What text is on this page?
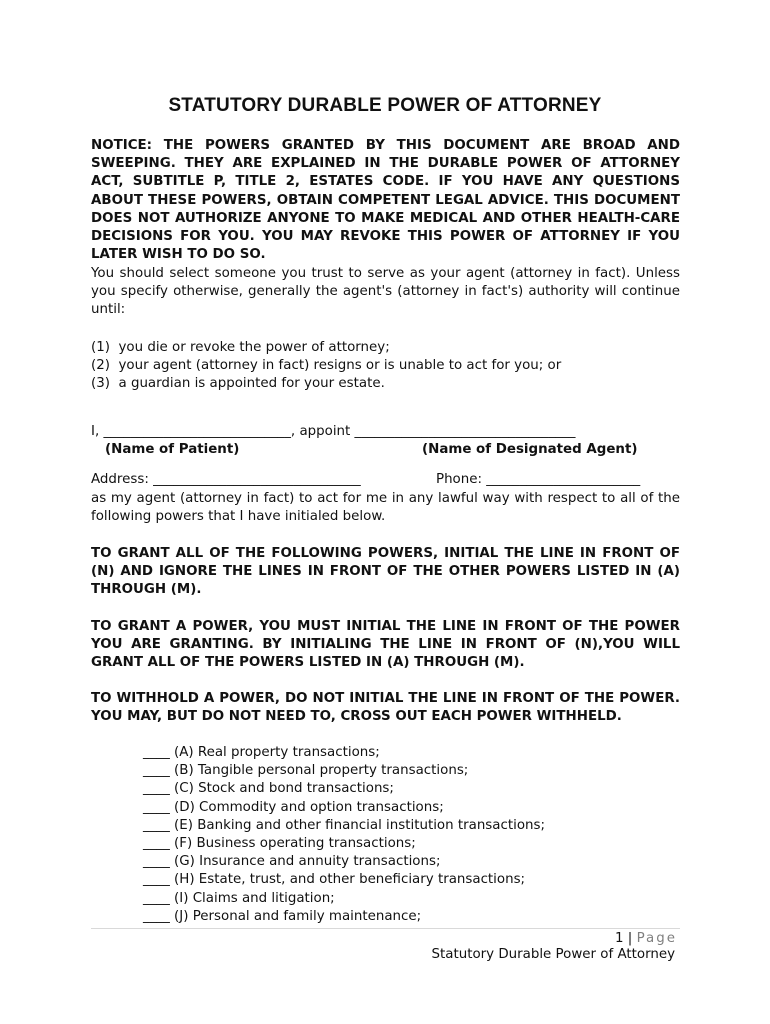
STATUTORY DURABLE POWER OF ATTORNEY

NOTICE: THE POWERS GRANTED BY THIS DOCUMENT ARE BROAD AND SWEEPING. THEY ARE EXPLAINED IN THE DURABLE POWER OF ATTORNEY ACT, SUBTITLE P, TITLE 2, ESTATES CODE. IF YOU HAVE ANY QUESTIONS ABOUT THESE POWERS, OBTAIN COMPETENT LEGAL ADVICE. THIS DOCUMENT DOES NOT AUTHORIZE ANYONE TO MAKE MEDICAL AND OTHER HEALTH-CARE DECISIONS FOR YOU. YOU MAY REVOKE THIS POWER OF ATTORNEY IF YOU LATER WISH TO DO SO.

You should select someone you trust to serve as your agent (attorney in fact). Unless you specify otherwise, generally the agent's (attorney in fact's) authority will continue until:

(1)  you die or revoke the power of attorney;
(2)  your agent (attorney in fact) resigns or is unable to act for you; or
(3)  a guardian is appointed for your estate.
I, ____________________________, appoint _________________________________
(Name of Patient)	(Name of Designated Agent)
Address: _______________________________	Phone: _______________________

as my agent (attorney in fact) to act for me in any lawful way with respect to all of the following powers that I have initialed below.

TO GRANT ALL OF THE FOLLOWING POWERS, INITIAL THE LINE IN FRONT OF (N) AND IGNORE THE LINES IN FRONT OF THE OTHER POWERS LISTED IN (A) THROUGH (M).

TO GRANT A POWER, YOU MUST INITIAL THE LINE IN FRONT OF THE POWER YOU ARE GRANTING. BY INITIALING THE LINE IN FRONT OF (N),YOU WILL GRANT ALL OF THE POWERS LISTED IN (A) THROUGH (M).

TO WITHHOLD A POWER, DO NOT INITIAL THE LINE IN FRONT OF THE POWER. YOU MAY, BUT DO NOT NEED TO, CROSS OUT EACH POWER WITHHELD.

____ (A) Real property transactions;
____ (B) Tangible personal property transactions;
____ (C) Stock and bond transactions;
____ (D) Commodity and option transactions;
____ (E) Banking and other financial institution transactions;
____ (F) Business operating transactions;
____ (G) Insurance and annuity transactions;
____ (H) Estate, trust, and other beneficiary transactions;
____ (I) Claims and litigation;
____ (J) Personal and family maintenance;
1 | Page
Statutory Durable Power of Attorney
